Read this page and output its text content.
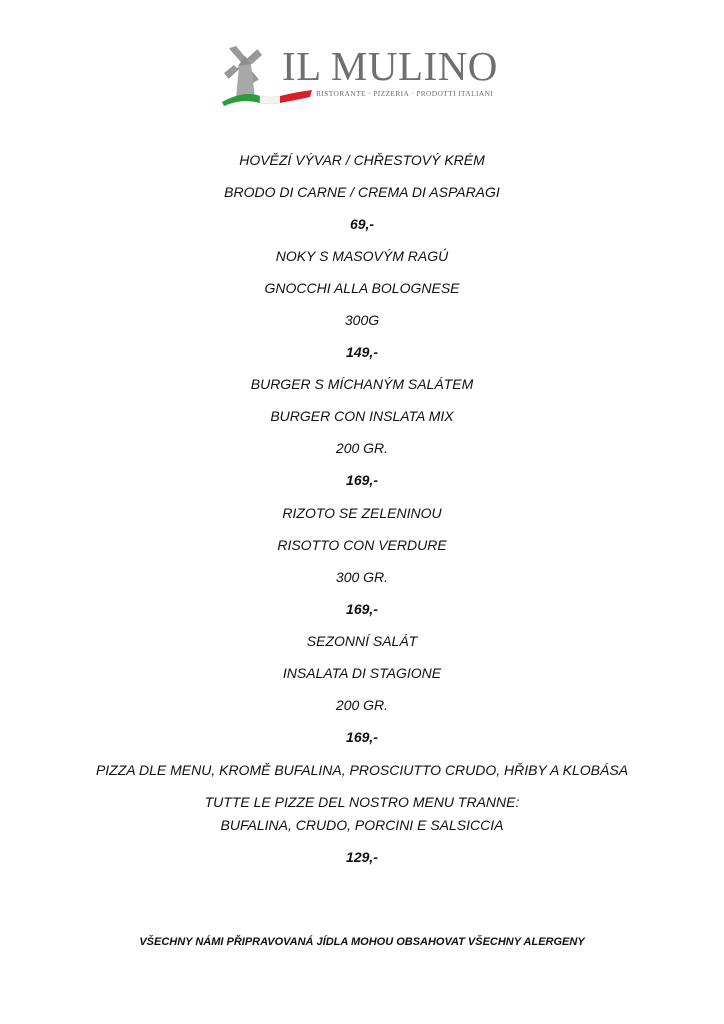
IL MULINO
RISTORANTE · PIZZERIA · PRODOTTI ITALIANI
HOVĚZÍ VÝVAR / CHŘESTOVÝ KRÉM
BRODO DI CARNE / CREMA DI ASPARAGI
69,-
NOKY S MASOVÝM RAGÚ
GNOCCHI ALLA BOLOGNESE
300G
149,-
BURGER S MÍCHANÝM SALÁTEM
BURGER CON INSLATA MIX
200 GR.
169,-
RIZOTO SE ZELENINOU
RISOTTO CON VERDURE
300 GR.
169,-
SEZONNÍ SALÁT
INSALATA DI STAGIONE
200 GR.
169,-
PIZZA DLE MENU, KROMĚ BUFALINA, PROSCIUTTO CRUDO, HŘIBY A KLOBÁSA
TUTTE LE PIZZE DEL NOSTRO MENU TRANNE:
BUFALINA, CRUDO, PORCINI E SALSICCIA
129,-
VŠECHNY NÁMI PŘIPRAVOVANÁ JÍDLA MOHOU OBSAHOVAT VŠECHNY ALERGENY
